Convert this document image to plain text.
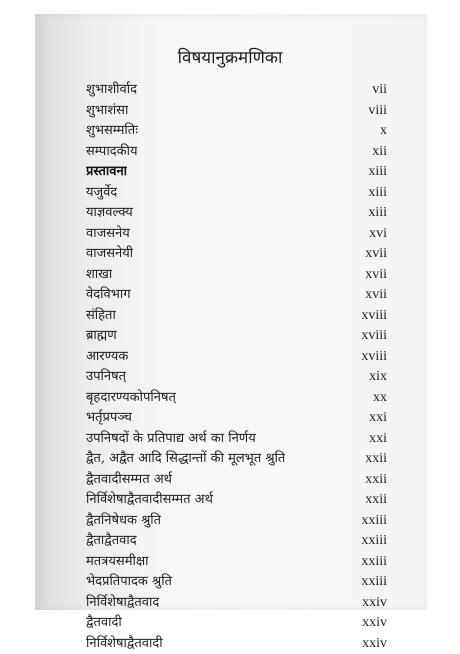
विषयानुक्रमणिका
शुभाशीर्वाद	vii
शुभाशंसा	viii
शुभसम्मतिः	x
सम्पादकीय	xii
प्रस्तावना	xiii
यजुर्वेद	xiii
याज्ञवल्क्य	xiii
वाजसनेय	xvi
वाजसनेयी	xvii
शाखा	xvii
वेदविभाग	xvii
संहिता	xviii
ब्राह्मण	xviii
आरण्यक	xviii
उपनिषत्	xix
बृहदारण्यकोपनिषत्	xx
भर्तृप्रपञ्च	xxi
उपनिषदों के प्रतिपाद्य अर्थ का निर्णय	xxi
द्वैत, अद्वैत आदि सिद्धान्तों की मूलभूत श्रुति	xxii
द्वैतवादीसम्मत अर्थ	xxii
निर्विशेषाद्वैतवादीसम्मत अर्थ	xxii
द्वैतनिषेधक श्रुति	xxiii
द्वैताद्वैतवाद	xxiii
मतत्रयसमीक्षा	xxiii
भेदप्रतिपादक श्रुति	xxiii
निर्विशेषाद्वैतवाद	xxiv
द्वैतवादी	xxiv
निर्विशेषाद्वैतवादी	xxiv
